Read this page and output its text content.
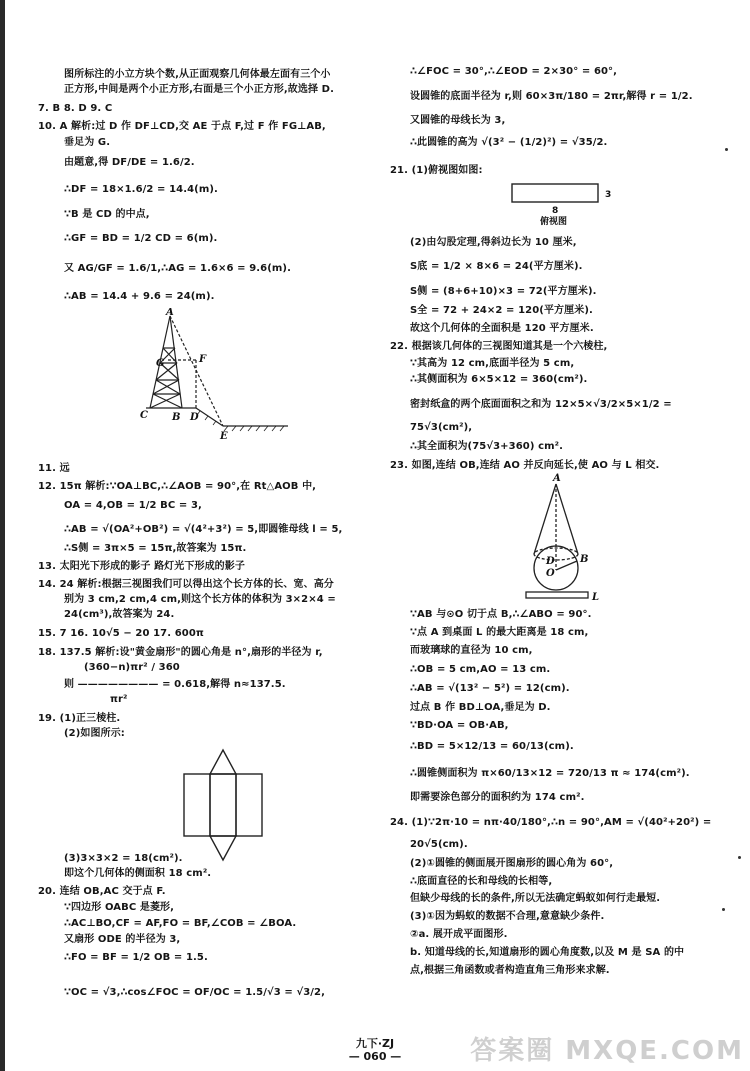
图所标注的小立方块个数,从正面观察几何体最左面有三个小
正方形,中间是两个小正方形,右面是三个小正方形,故选择 D.
7. B 8. D 9. C
10. A 解析:过 D 作 DF⊥CD,交 AE 于点 F,过 F 作 FG⊥AB,
垂足为 G.
由题意,得 DF/DE = 1.6/2.
∴DF = 18×1.6/2 = 14.4(m).
∵B 是 CD 的中点,
∴GF = BD = 1/2 CD = 6(m).
又 AG/GF = 1.6/1,∴AG = 1.6×6 = 9.6(m).
∴AB = 14.4 + 9.6 = 24(m).
A
G	F
C B D
E
11. 远
12. 15π 解析:∵OA⊥BC,∴∠AOB = 90°,在 Rt△AOB 中,
OA = 4,OB = 1/2 BC = 3,
∴AB = √(OA²+OB²) = √(4²+3²) = 5,即圆锥母线 l = 5,
∴S侧 = 3π×5 = 15π,故答案为 15π.
13. 太阳光下形成的影子 路灯光下形成的影子
14. 24 解析:根据三视图我们可以得出这个长方体的长、宽、高分
别为 3 cm,2 cm,4 cm,则这个长方体的体积为 3×2×4 =
24(cm³),故答案为 24.
15. 7 16. 10√5 − 20 17. 600π
18. 137.5 解析:设"黄金扇形"的圆心角是 n°,扇形的半径为 r,
(360−n)πr² / 360
则 ———————— = 0.618,解得 n≈137.5.
πr²
19. (1)正三棱柱.
(2)如图所示:
(3)3×3×2 = 18(cm²).
即这个几何体的侧面积 18 cm².
20. 连结 OB,AC 交于点 F.
∵四边形 OABC 是菱形,
∴AC⊥BO,CF = AF,FO = BF,∠COB = ∠BOA.
又扇形 ODE 的半径为 3,
∴FO = BF = 1/2 OB = 1.5.
∵OC = √3,∴cos∠FOC = OF/OC = 1.5/√3 = √3/2,
∴∠FOC = 30°,∴∠EOD = 2×30° = 60°,
设圆锥的底面半径为 r,则 60×3π/180 = 2πr,解得 r = 1/2.
又圆锥的母线长为 3,
∴此圆锥的高为 √(3² − (1/2)²) = √35/2.
21. (1)俯视图如图:
3
8
俯视图
(2)由勾股定理,得斜边长为 10 厘米,
S底 = 1/2 × 8×6 = 24(平方厘米).
S侧 = (8+6+10)×3 = 72(平方厘米).
S全 = 72 + 24×2 = 120(平方厘米).
故这个几何体的全面积是 120 平方厘米.
22. 根据该几何体的三视图知道其是一个六棱柱,
∵其高为 12 cm,底面半径为 5 cm,
∴其侧面积为 6×5×12 = 360(cm²).
密封纸盒的两个底面面积之和为 12×5×√3/2×5×1/2 =
75√3(cm²),
∴其全面积为(75√3+360) cm².
23. 如图,连结 OB,连结 AO 并反向延长,使 AO 与 L 相交.
A
B
D
O
L
∵AB 与⊙O 切于点 B,∴∠ABO = 90°.
∵点 A 到桌面 L 的最大距离是 18 cm,
而玻璃球的直径为 10 cm,
∴OB = 5 cm,AO = 13 cm.
∴AB = √(13² − 5²) = 12(cm).
过点 B 作 BD⊥OA,垂足为 D.
∵BD·OA = OB·AB,
∴BD = 5×12/13 = 60/13(cm).
∴圆锥侧面积为 π×60/13×12 = 720/13 π ≈ 174(cm²).
即需要涂色部分的面积约为 174 cm².
24. (1)∵2π·10 = nπ·40/180°,∴n = 90°,AM = √(40²+20²) =
20√5(cm).
(2)①圆锥的侧面展开图扇形的圆心角为 60°,
∴底面直径的长和母线的长相等,
但缺少母线的长的条件,所以无法确定蚂蚁如何行走最短.
(3)①因为蚂蚁的数据不合理,意意缺少条件.
②a. 展开成平面图形.
b. 知道母线的长,知道扇形的圆心角度数,以及 M 是 SA 的中
点,根据三角函数或者构造直角三角形来求解.
九下·ZJ
— 060 —	答案圈 MXQE.COM
